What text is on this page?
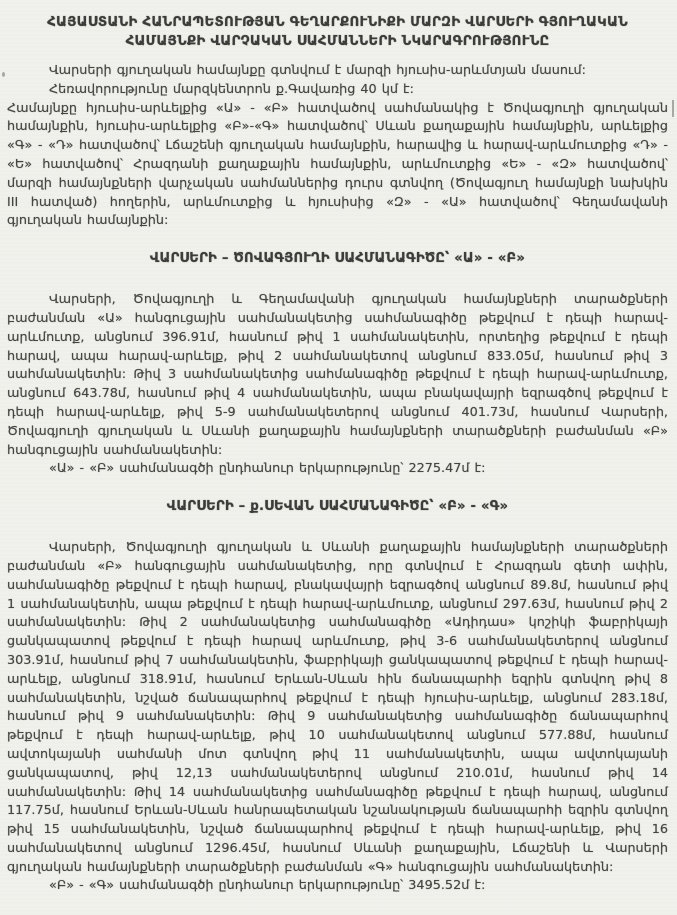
ՀԱՅԱՍՏԱՆԻ ՀԱՆՐԱՊԵՏՈՒԹՅԱՆ ԳԵՂԱՐՔՈՒՆԻՔԻ ՄԱՐԶԻ ՎԱՐՍԵՐԻ ԳՅՈՒՂԱԿԱՆ ՀԱՄԱՅՆՔԻ ՎԱՐՉԱԿԱՆ ՍԱՀՄԱՆՆԵՐԻ ՆԿԱՐԱԳՐՈՒԹՅՈՒՆԸ

Վարսերի գյուղական համայնքը գտնվում է մարզի հյուսիս-արևմտյան մասում:

Հեռավորությունը մարզկենտրոն ք.Գավառից 40 կմ է:

Համայնքը հյուսիս-արևելքից «Ա» - «Բ» հատվածով սահմանակից է Ծովագյուղի գյուղական համայնքին, հյուսիս-արևելքից «Բ»-«Գ» հատվածով՝ Սևան քաղաքային համայնքին, արևելքից «Գ» - «Դ» հատվածով՝ Լճաշենի գյուղական համայնքին, հարավից և հարավ-արևմուտքից «Դ» - «Ե» հատվածով՝ Հրազդանի քաղաքային համայնքին, արևմուտքից «Ե» - «Զ» հատվածով՝ մարզի համայնքների վարչական սահմաններից դուրս գտնվող (Ծովագյուղ համայնքի նախկին III հատված) հողերին, արևմուտքից և հյուսիսից «Զ» - «Ա» հատվածով՝ Գեղամավանի գյուղական համայնքին:

ՎԱՐՍԵՐԻ – ԾՈՎԱԳՅՈՒՂԻ ՍԱՀՄԱՆԱԳԻԾԸ՝ «Ա» - «Բ»

Վարսերի, Ծովագյուղի և Գեղամավանի գյուղական համայնքների տարածքների բաժանման «Ա» հանգուցային սահմանակետից սահմանագիծը թեքվում է դեպի հարավ-արևմուտք, անցնում 396.91մ, հասնում թիվ 1 սահմանակետին, որտեղից թեքվում է դեպի հարավ, ապա հարավ-արևելք, թիվ 2 սահմանակետով անցնում 833.05մ, հասնում թիվ 3 սահմանակետին: Թիվ 3 սահմանակետից սահմանագիծը թեքվում է դեպի հարավ-արևմուտք, անցնում 643.78մ, հասնում թիվ 4 սահմանակետին, ապա բնակավայրի եզրագծով թեքվում է դեպի հարավ-արևելք, թիվ 5-9 սահմանակետերով անցնում 401.73մ, հասնում Վարսերի, Ծովագյուղի գյուղական և Սևանի քաղաքային համայնքների տարածքների բաժանման «Բ» հանգուցային սահմանակետին:

«Ա» - «Բ» սահմանագծի ընդհանուր երկարությունը՝ 2275.47մ է:

ՎԱՐՍԵՐԻ – ք.ՍԵՎԱՆ ՍԱՀՄԱՆԱԳԻԾԸ՝ «Բ» - «Գ»

Վարսերի, Ծովագյուղի գյուղական և Սևանի քաղաքային համայնքների տարածքների բաժանման «Բ» հանգուցային սահմանակետից, որը գտնվում է Հրազդան գետի ափին, սահմանագիծը թեքվում է դեպի հարավ, բնակավայրի եզրագծով անցնում 89.8մ, հասնում թիվ 1 սահմանակետին, ապա թեքվում է դեպի հարավ-արևմուտք, անցնում 297.63մ, հասնում թիվ 2 սահմանակետին: Թիվ 2 սահմանակետից սահմանագիծը «Ադիդաս» կոշիկի ֆաբրիկայի ցանկապատով թեքվում է դեպի հարավ արևմուտք, թիվ 3-6 սահմանակետերով անցնում 303.91մ, հասնում թիվ 7 սահմանակետին, ֆաբրիկայի ցանկապատով թեքվում է դեպի հարավ-արևելք, անցնում 318.91մ, հասնում Երևան-Սևան հին ճանապարհի եզրին գտնվող թիվ 8 սահմանակետին, նշված ճանապարհով թեքվում է դեպի հյուսիս-արևելք, անցնում 283.18մ, հասնում թիվ 9 սահմանակետին: Թիվ 9 սահմանակետից սահմանագիծը ճանապարհով թեքվում է դեպի հարավ-արևելք, թիվ 10 սահմանակետով անցնում 577.88մ, հասնում ավտոկայանի սահմանի մոտ գտնվող թիվ 11 սահմանակետին, ապա ավտոկայանի ցանկապատով, թիվ 12,13 սահմանակետերով անցնում 210.01մ, հասնում թիվ 14 սահմանակետին: Թիվ 14 սահմանակետից սահմանագիծը թեքվում է դեպի հարավ, անցնում 117.75մ, հասնում Երևան-Սևան հանրապետական նշանակության ճանապարհի եզրին գտնվող թիվ 15 սահմանակետին, նշված ճանապարհով թեքվում է դեպի հարավ-արևելք, թիվ 16 սահմանակետով անցնում 1296.45մ, հասնում Սևանի քաղաքային, Լճաշենի և Վարսերի գյուղական համայնքների տարածքների բաժանման «Գ» հանգուցային սահմանակետին:

«Բ» - «Գ» սահմանագծի ընդհանուր երկարությունը՝ 3495.52մ է:
